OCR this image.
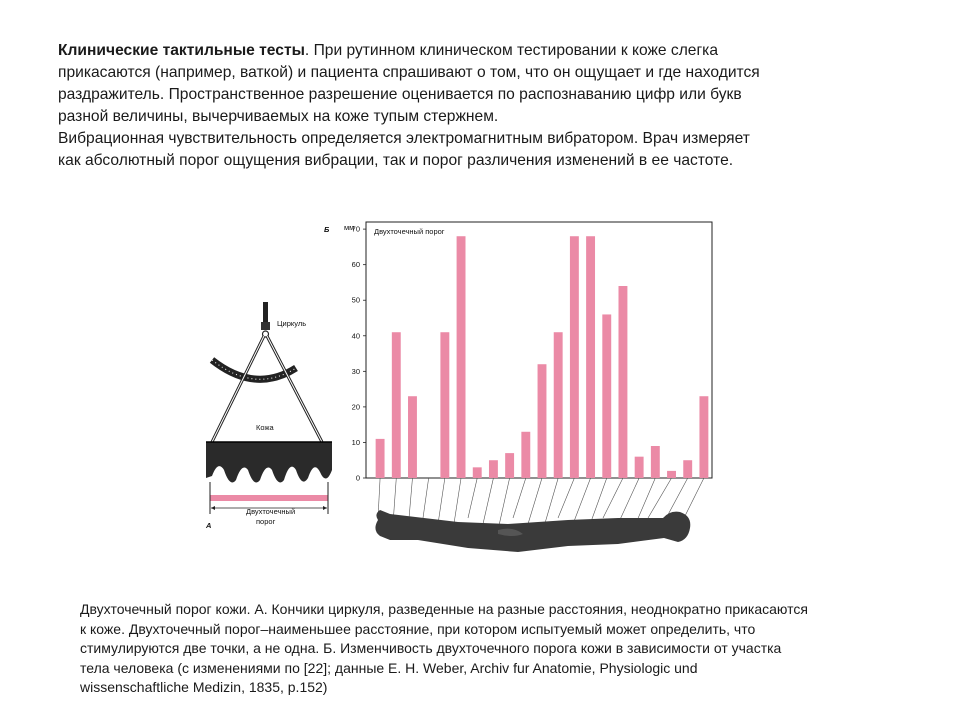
Клинические тактильные тесты. При рутинном клиническом тестировании к коже слегка

прикасаются (например, ваткой) и пациента спрашивают о том, что он ощущает и где находится

раздражитель. Пространственное разрешение оценивается по распознаванию цифр или букв

разной величины, вычерчиваемых на коже тупым стержнем.

Вибрационная чувствительность определяется электромагнитным вибратором. Врач измеряет

как абсолютный порог ощущения вибрации, так и порог различения изменений в ее частоте.

Циркуль
Кожа
Двухточечный
порог
А
0
10
20
30
40
50
60
70
мм
Б	Двухточечный порог

Двухточечный порог кожи. А. Кончики циркуля, разведенные на разные расстояния, неоднократно прикасаются

к коже. Двухточечный порог–наименьшее расстояние, при котором испытуемый может определить, что

стимулируются две точки, а не одна. Б. Изменчивость двухточечного порога кожи в зависимости от участка

тела человека (с изменениями по [22]; данные Е. Н. Weber, Archiv fur Anatomie, Physiologic und

wissenschaftliche Medizin, 1835, p.152)
